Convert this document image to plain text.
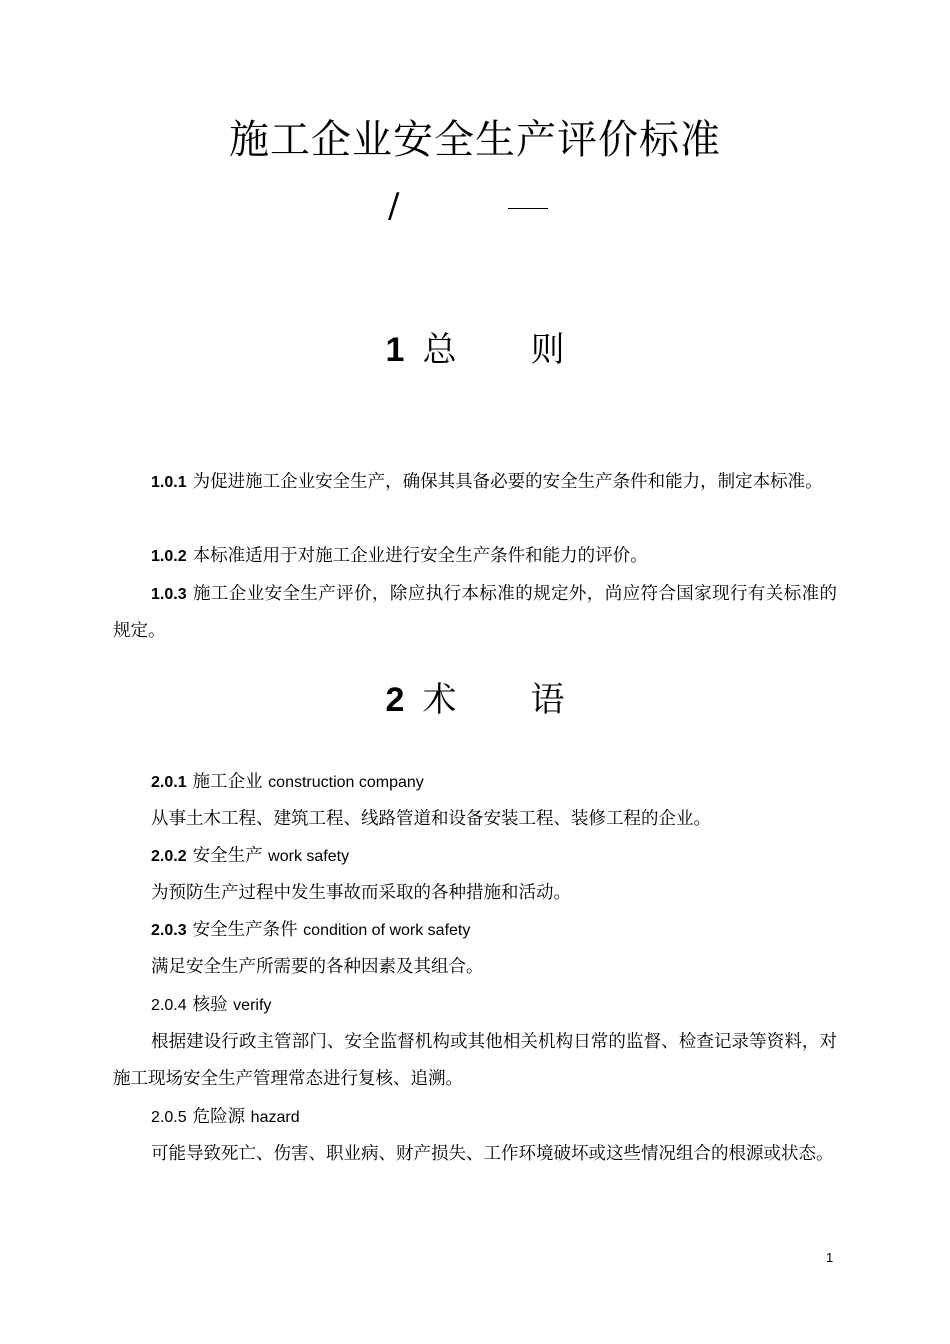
施工企业安全生产评价标准
/
1 总 则

1.0.1 为促进施工企业安全生产，确保其具备必要的安全生产条件和能力，制定本标准。

1.0.2 本标准适用于对施工企业进行安全生产条件和能力的评价。

1.0.3 施工企业安全生产评价，除应执行本标准的规定外，尚应符合国家现行有关标准的规定。

2 术 语

2.0.1 施工企业 construction company

从事土木工程、建筑工程、线路管道和设备安装工程、装修工程的企业。

2.0.2 安全生产 work safety

为预防生产过程中发生事故而采取的各种措施和活动。

2.0.3 安全生产条件 condition of work safety

满足安全生产所需要的各种因素及其组合。

2.0.4 核验 verify

根据建设行政主管部门、安全监督机构或其他相关机构日常的监督、检查记录等资料，对施工现场安全生产管理常态进行复核、追溯。

2.0.5 危险源 hazard

可能导致死亡、伤害、职业病、财产损失、工作环境破坏或这些情况组合的根源或状态。

1
